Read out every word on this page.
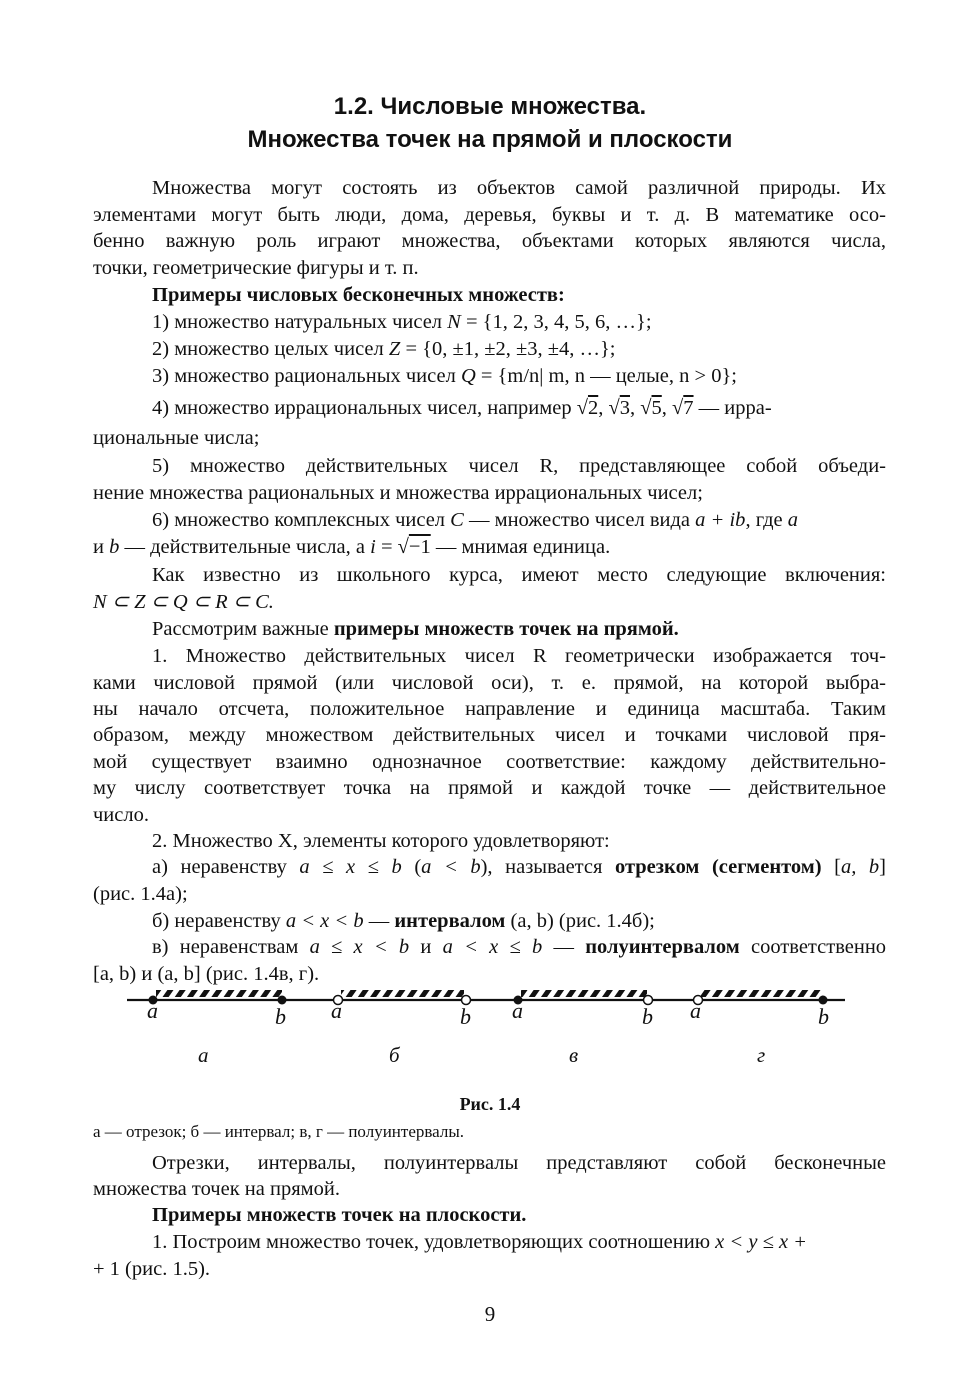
1.2. Числовые множества.
Множества точек на прямой и плоскости
Множества могут состоять из объектов самой различной природы. Их
элементами могут быть люди, дома, деревья, буквы и т. д. В математике осо-
бенно важную роль играют множества, объектами которых являются числа,
точки, геометрические фигуры и т. п.
Примеры числовых бесконечных множеств:
1) множество натуральных чисел N = {1, 2, 3, 4, 5, 6, …};
2) множество целых чисел Z = {0, ±1, ±2, ±3, ±4, …};
3) множество рациональных чисел Q = {m/n| m, n — целые, n > 0};
4) множество иррациональных чисел, например √2, √3, √5, √7 — ирра-
циональные числа;
5) множество действительных чисел R, представляющее собой объеди-
нение множества рациональных и множества иррациональных чисел;
6) множество комплексных чисел C — множество чисел вида a + ib, где a
и b — действительные числа, а i = √−1 — мнимая единица.
Как известно из школьного курса, имеют место следующие включения:
N ⊂ Z ⊂ Q ⊂ R ⊂ C.
Рассмотрим важные примеры множеств точек на прямой.
1. Множество действительных чисел R геометрически изображается точ-
ками числовой прямой (или числовой оси), т. е. прямой, на которой выбра-
ны начало отсчета, положительное направление и единица масштаба. Таким
образом, между множеством действительных чисел и точками числовой пря-
мой существует взаимно однозначное соответствие: каждому действительно-
му числу соответствует точка на прямой и каждой точке — действительное
число.
2. Множество X, элементы которого удовлетворяют:
а) неравенству a ≤ x ≤ b (a < b), называется отрезком (сегментом) [a, b]
(рис. 1.4а);
б) неравенству a < x < b — интервалом (a, b) (рис. 1.4б);
в) неравенствам a ≤ x < b и a < x ≤ b — полуинтервалом соответственно
[a, b) и (a, b] (рис. 1.4в, г).
a	b a	b a	b a	b
а	б	в	г
Рис. 1.4
а — отрезок; б — интервал; в, г — полуинтервалы.
Отрезки, интервалы, полуинтервалы представляют собой бесконечные
множества точек на прямой.
Примеры множеств точек на плоскости.
1. Построим множество точек, удовлетворяющих соотношению x < y ≤ x +
+ 1 (рис. 1.5).
9
